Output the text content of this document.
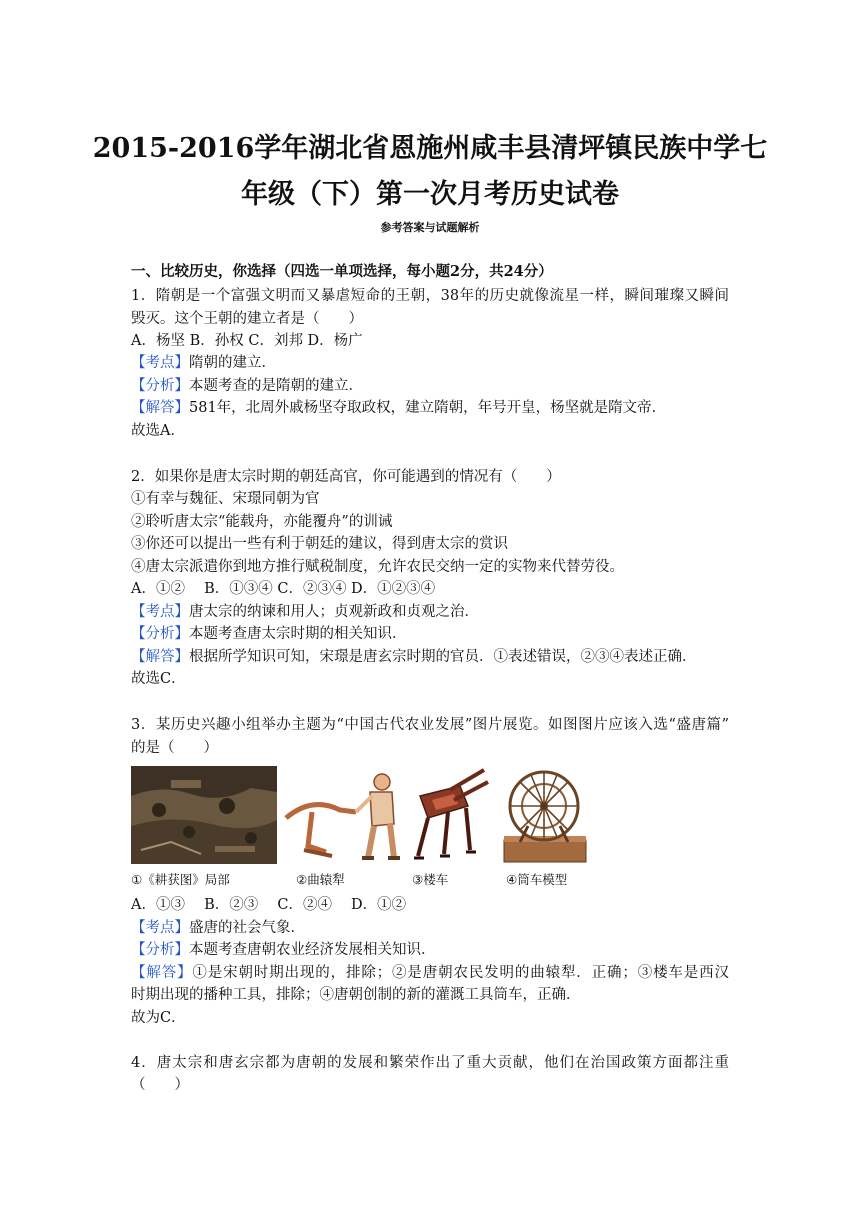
2015-2016学年湖北省恩施州咸丰县清坪镇民族中学七
年级（下）第一次月考历史试卷
参考答案与试题解析
一、比较历史，你选择（四选一单项选择，每小题2分，共24分）
1．隋朝是一个富强文明而又暴虐短命的王朝，38年的历史就像流星一样，瞬间璀璨又瞬间
毁灭。这个王朝的建立者是（　　）
A．杨坚 B．孙权 C．刘邦 D．杨广
【考点】隋朝的建立．
【分析】本题考查的是隋朝的建立．
【解答】581年，北周外戚杨坚夺取政权，建立隋朝，年号开皇，杨坚就是隋文帝．
故选A．
2．如果你是唐太宗时期的朝廷高官，你可能遇到的情况有（　　）
①有幸与魏征、宋璟同朝为官
②聆听唐太宗“能载舟，亦能覆舟”的训诫
③你还可以提出一些有利于朝廷的建议，得到唐太宗的赏识
④唐太宗派遣你到地方推行赋税制度，允许农民交纳一定的实物来代替劳役。
A．①②　 B．①③④ C．②③④ D．①②③④
【考点】唐太宗的纳谏和用人；贞观新政和贞观之治．
【分析】本题考查唐太宗时期的相关知识．
【解答】根据所学知识可知，宋璟是唐玄宗时期的官员．①表述错误，②③④表述正确．
故选C．
3．某历史兴趣小组举办主题为“中国古代农业发展”图片展览。如图图片应该入选“盛唐篇”
的是（　　）
①《耕获图》局部	②曲辕犁	③楼车	④筒车模型
A．①③　 B．②③　 C．②④　 D．①②
【考点】盛唐的社会气象．
【分析】本题考查唐朝农业经济发展相关知识．
【解答】①是宋朝时期出现的，排除；②是唐朝农民发明的曲辕犁．正确；③楼车是西汉
时期出现的播种工具，排除；④唐朝创制的新的灌溉工具筒车，正确．
故为C．
4．唐太宗和唐玄宗都为唐朝的发展和繁荣作出了重大贡献，他们在治国政策方面都注重
（　　）
